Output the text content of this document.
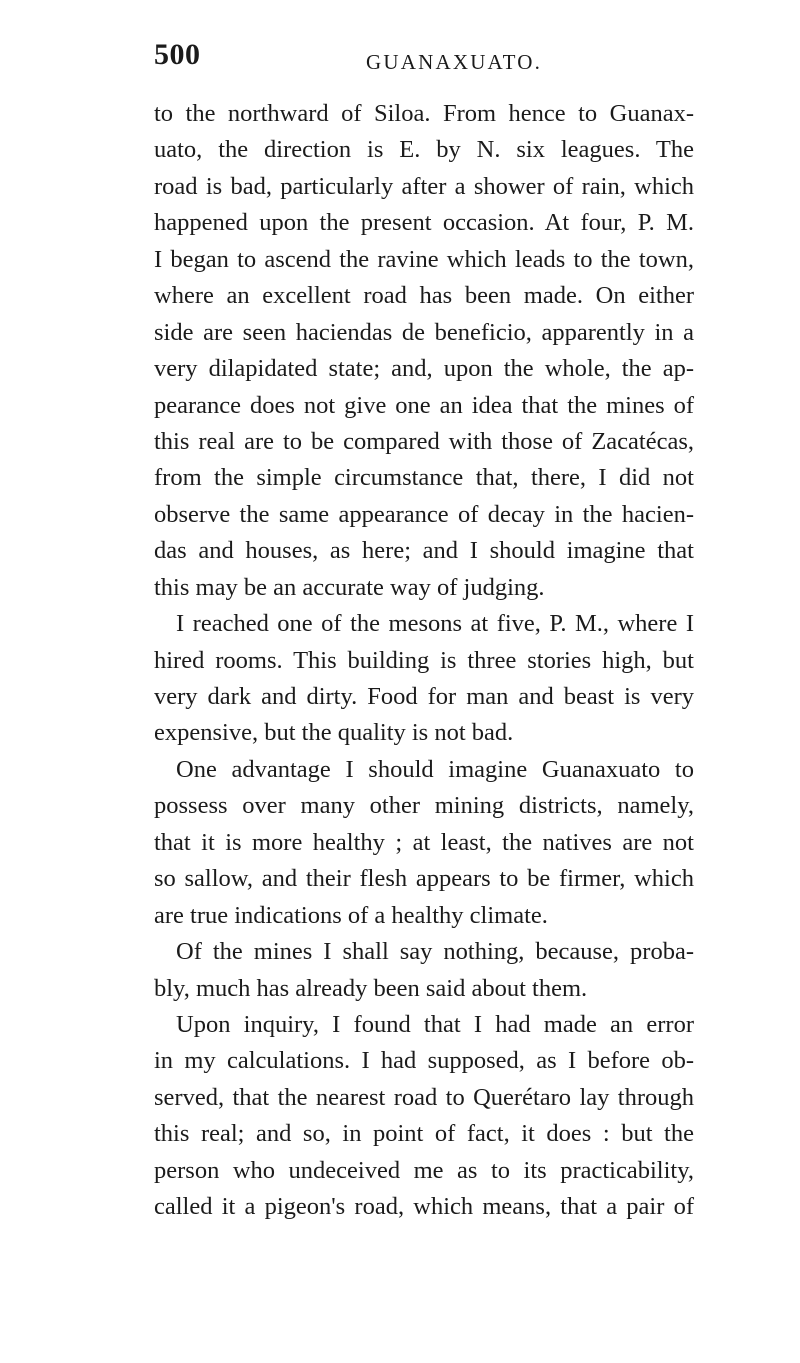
500	GUANAXUATO.
to the northward of Siloa. From hence to Guanax-
uato, the direction is E. by N. six leagues. The
road is bad, particularly after a shower of rain, which
happened upon the present occasion. At four, P. M.
I began to ascend the ravine which leads to the town,
where an excellent road has been made. On either
side are seen haciendas de beneficio, apparently in a
very dilapidated state; and, upon the whole, the ap-
pearance does not give one an idea that the mines of
this real are to be compared with those of Zacatécas,
from the simple circumstance that, there, I did not
observe the same appearance of decay in the hacien-
das and houses, as here; and I should imagine that
this may be an accurate way of judging.
I reached one of the mesons at five, P. M., where I
hired rooms. This building is three stories high, but
very dark and dirty. Food for man and beast is very
expensive, but the quality is not bad.
One advantage I should imagine Guanaxuato to
possess over many other mining districts, namely,
that it is more healthy ; at least, the natives are not
so sallow, and their flesh appears to be firmer, which
are true indications of a healthy climate.
Of the mines I shall say nothing, because, proba-
bly, much has already been said about them.
Upon inquiry, I found that I had made an error
in my calculations. I had supposed, as I before ob-
served, that the nearest road to Querétaro lay through
this real; and so, in point of fact, it does : but the
person who undeceived me as to its practicability,
called it a pigeon's road, which means, that a pair of
